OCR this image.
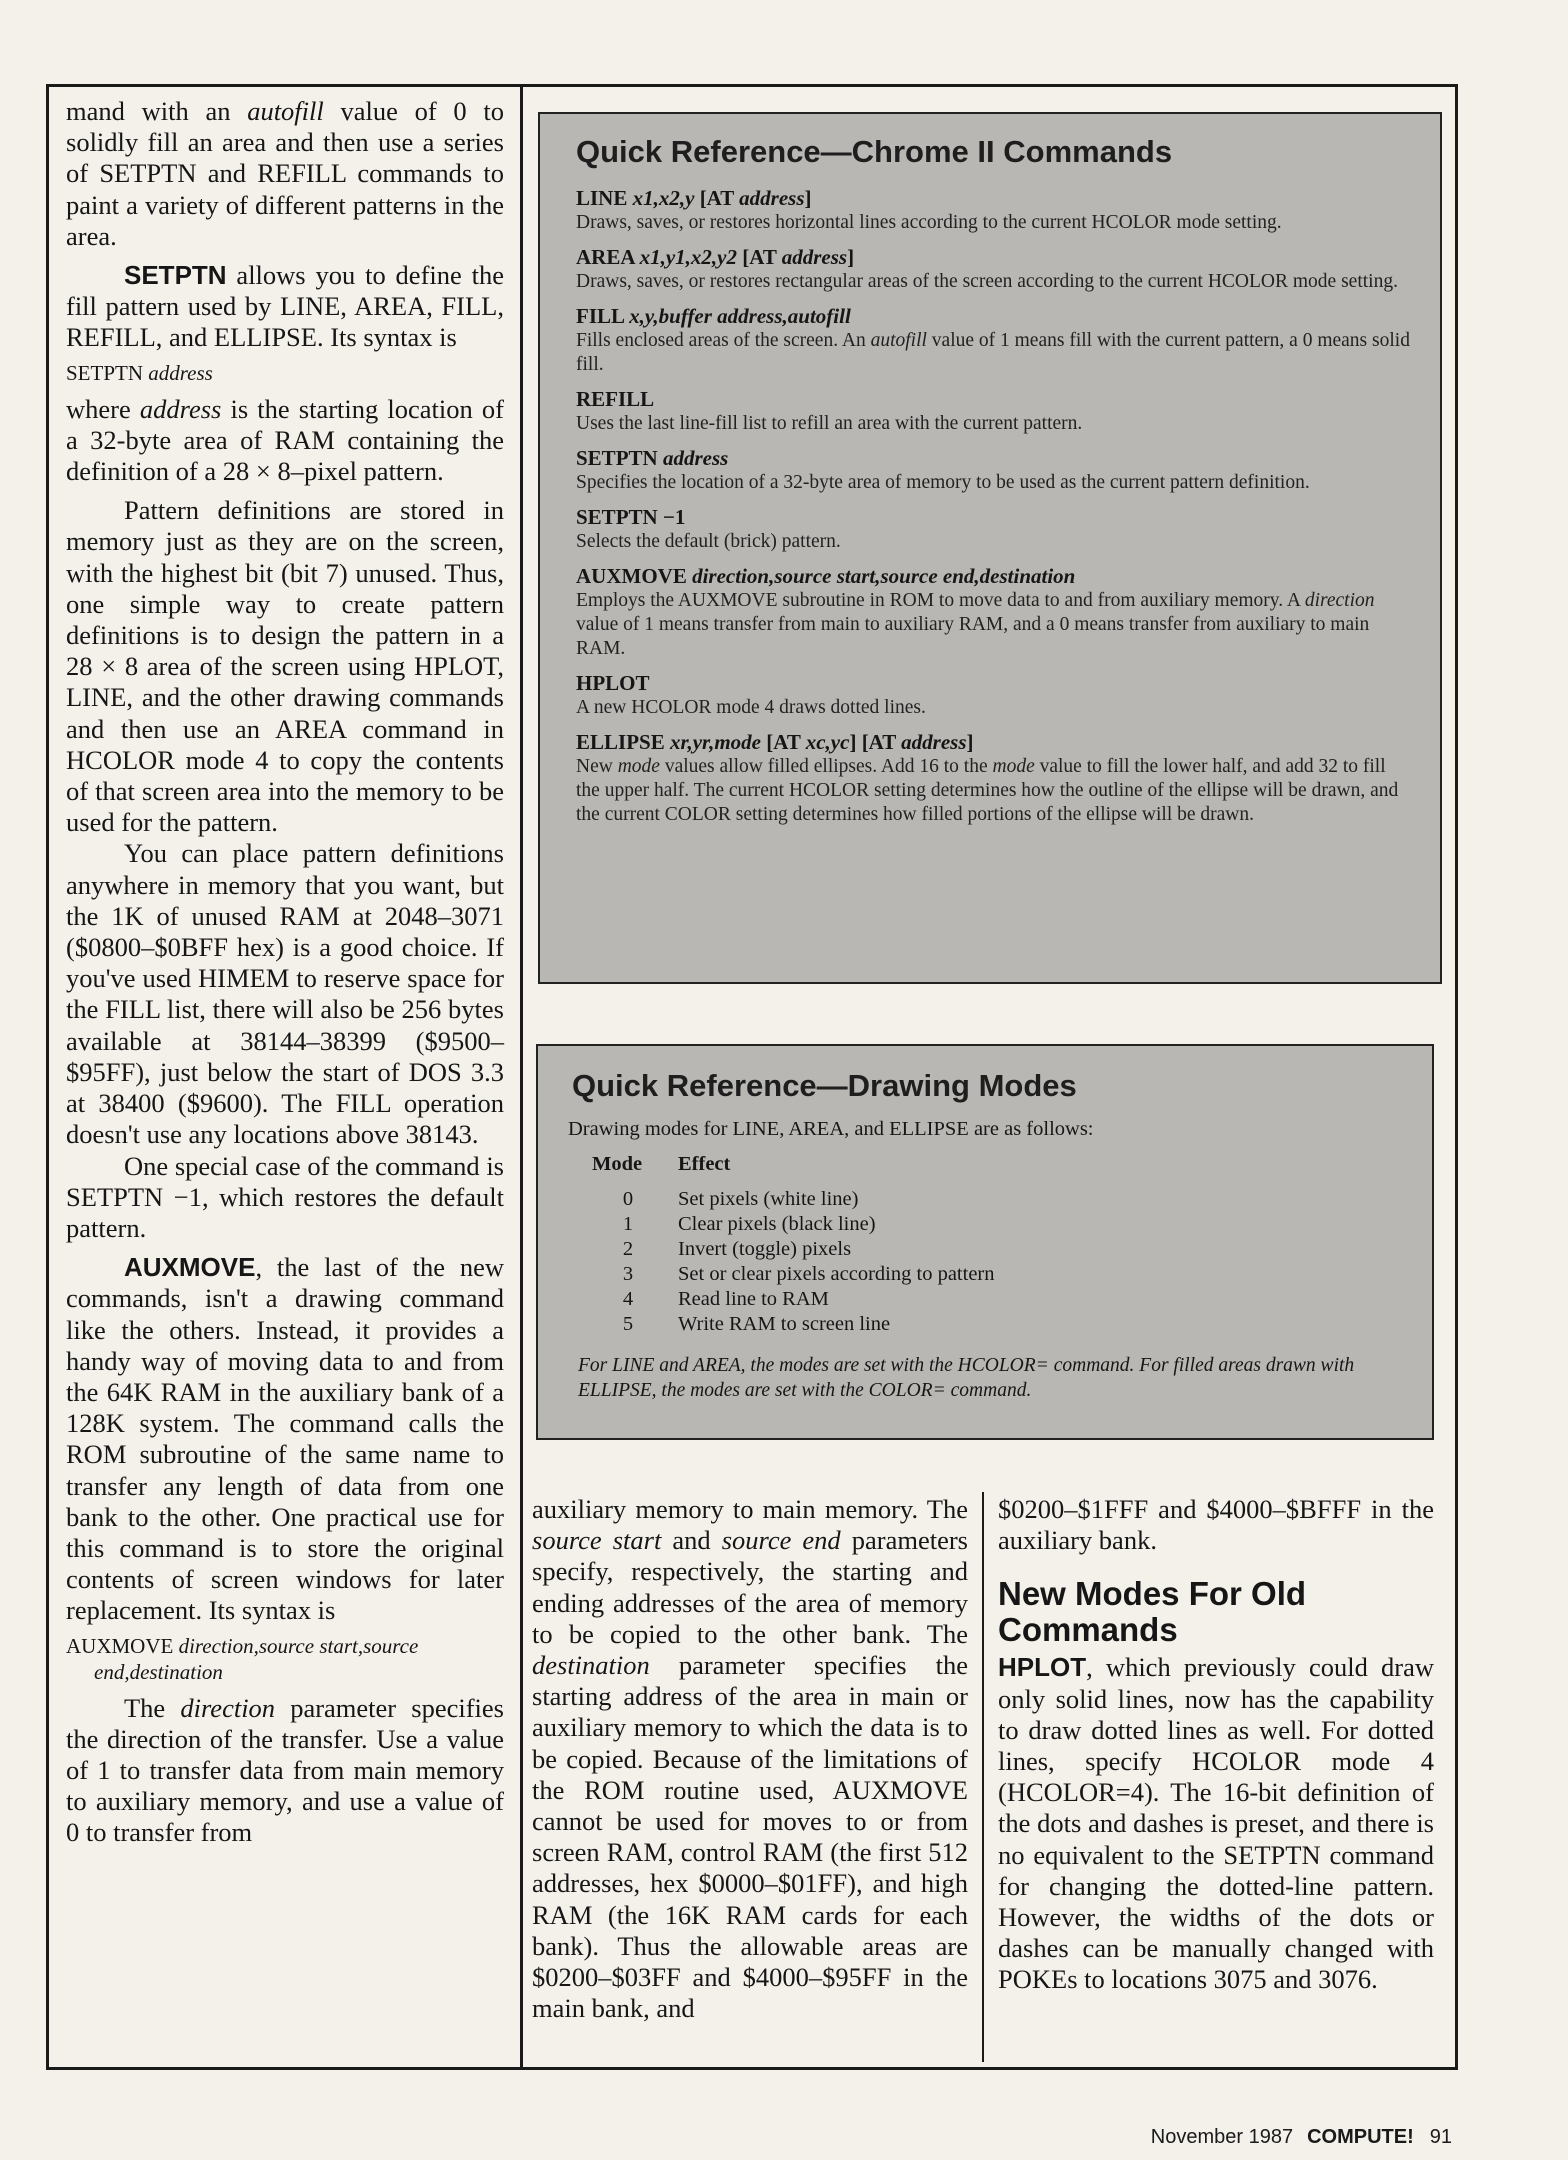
mand with an autofill value of 0 to solidly fill an area and then use a series of SETPTN and REFILL commands to paint a variety of different patterns in the area.

SETPTN allows you to define the fill pattern used by LINE, AREA, FILL, REFILL, and ELLIPSE. Its syntax is

SETPTN address

where address is the starting location of a 32-byte area of RAM containing the definition of a 28 × 8–pixel pattern.

Pattern definitions are stored in memory just as they are on the screen, with the highest bit (bit 7) unused. Thus, one simple way to create pattern definitions is to design the pattern in a 28 × 8 area of the screen using HPLOT, LINE, and the other drawing commands and then use an AREA command in HCOLOR mode 4 to copy the contents of that screen area into the memory to be used for the pattern.

You can place pattern definitions anywhere in memory that you want, but the 1K of unused RAM at 2048–3071 ($0800–$0BFF hex) is a good choice. If you've used HIMEM to reserve space for the FILL list, there will also be 256 bytes available at 38144–38399 ($9500–$95FF), just below the start of DOS 3.3 at 38400 ($9600). The FILL operation doesn't use any locations above 38143.

One special case of the command is SETPTN −1, which restores the default pattern.

AUXMOVE, the last of the new commands, isn't a drawing command like the others. Instead, it provides a handy way of moving data to and from the 64K RAM in the auxiliary bank of a 128K system. The command calls the ROM subroutine of the same name to transfer any length of data from one bank to the other. One practical use for this command is to store the original contents of screen windows for later replacement. Its syntax is

AUXMOVE direction,source start,source end,destination

The direction parameter specifies the direction of the transfer. Use a value of 1 to transfer data from main memory to auxiliary memory, and use a value of 0 to transfer from

Quick Reference—Chrome II Commands
LINE x1,x2,y [AT address]

Draws, saves, or restores horizontal lines according to the current HCOLOR mode setting.

AREA x1,y1,x2,y2 [AT address]

Draws, saves, or restores rectangular areas of the screen according to the current HCOLOR mode setting.

FILL x,y,buffer address,autofill

Fills enclosed areas of the screen. An autofill value of 1 means fill with the current pattern, a 0 means solid fill.

REFILL

Uses the last line-fill list to refill an area with the current pattern.

SETPTN address

Specifies the location of a 32-byte area of memory to be used as the current pattern definition.

SETPTN −1

Selects the default (brick) pattern.

AUXMOVE direction,source start,source end,destination

Employs the AUXMOVE subroutine in ROM to move data to and from auxiliary memory. A direction value of 1 means transfer from main to auxiliary RAM, and a 0 means transfer from auxiliary to main RAM.

HPLOT

A new HCOLOR mode 4 draws dotted lines.

ELLIPSE xr,yr,mode [AT xc,yc] [AT address]

New mode values allow filled ellipses. Add 16 to the mode value to fill the lower half, and add 32 to fill the upper half. The current HCOLOR setting determines how the outline of the ellipse will be drawn, and the current COLOR setting determines how filled portions of the ellipse will be drawn.

Quick Reference—Drawing Modes

Drawing modes for LINE, AREA, and ELLIPSE are as follows:

Mode	Effect
0	Set pixels (white line)
1	Clear pixels (black line)
2	Invert (toggle) pixels
3	Set or clear pixels according to pattern
4	Read line to RAM
5	Write RAM to screen line

For LINE and AREA, the modes are set with the HCOLOR= command. For filled areas drawn with ELLIPSE, the modes are set with the COLOR= command.

auxiliary memory to main memory. The source start and source end parameters specify, respectively, the starting and ending addresses of the area of memory to be copied to the other bank. The destination parameter specifies the starting address of the area in main or auxiliary memory to which the data is to be copied. Because of the limitations of the ROM routine used, AUXMOVE cannot be used for moves to or from screen RAM, control RAM (the first 512 addresses, hex $0000–$01FF), and high RAM (the 16K RAM cards for each bank). Thus the allowable areas are $0200–$03FF and $4000–$95FF in the main bank, and

$0200–$1FFF and $4000–$BFFF in the auxiliary bank.

New Modes For Old Commands

HPLOT, which previously could draw only solid lines, now has the capability to draw dotted lines as well. For dotted lines, specify HCOLOR mode 4 (HCOLOR=4). The 16-bit definition of the dots and dashes is preset, and there is no equivalent to the SETPTN command for changing the dotted-line pattern. However, the widths of the dots or dashes can be manually changed with POKEs to locations 3075 and 3076.

November 1987 COMPUTE! 91
